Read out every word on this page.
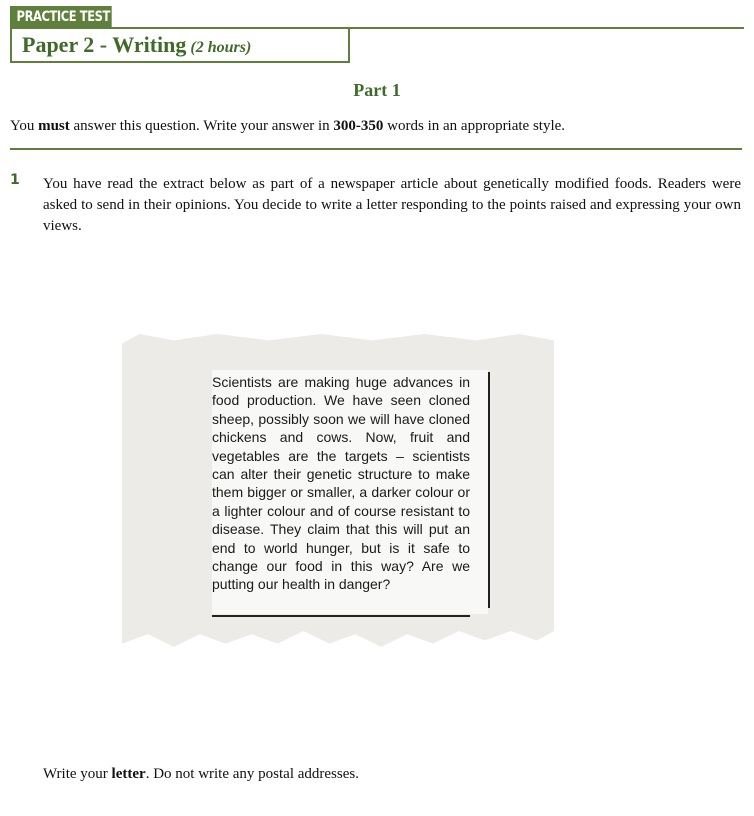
PRACTICE TEST 6
Paper 2 - Writing (2 hours)
Part 1
You must answer this question. Write your answer in 300-350 words in an appropriate style.
1 You have read the extract below as part of a newspaper article about genetically modified foods. Readers were asked to send in their opinions. You decide to write a letter responding to the points raised and expressing your own views.
Scientists are making huge advances in food production. We have seen cloned sheep, possibly soon we will have cloned chickens and cows. Now, fruit and vegetables are the targets – scientists can alter their genetic structure to make them bigger or smaller, a darker colour or a lighter colour and of course resistant to disease. They claim that this will put an end to world hunger, but is it safe to change our food in this way? Are we putting our health in danger?
Write your letter. Do not write any postal addresses.
